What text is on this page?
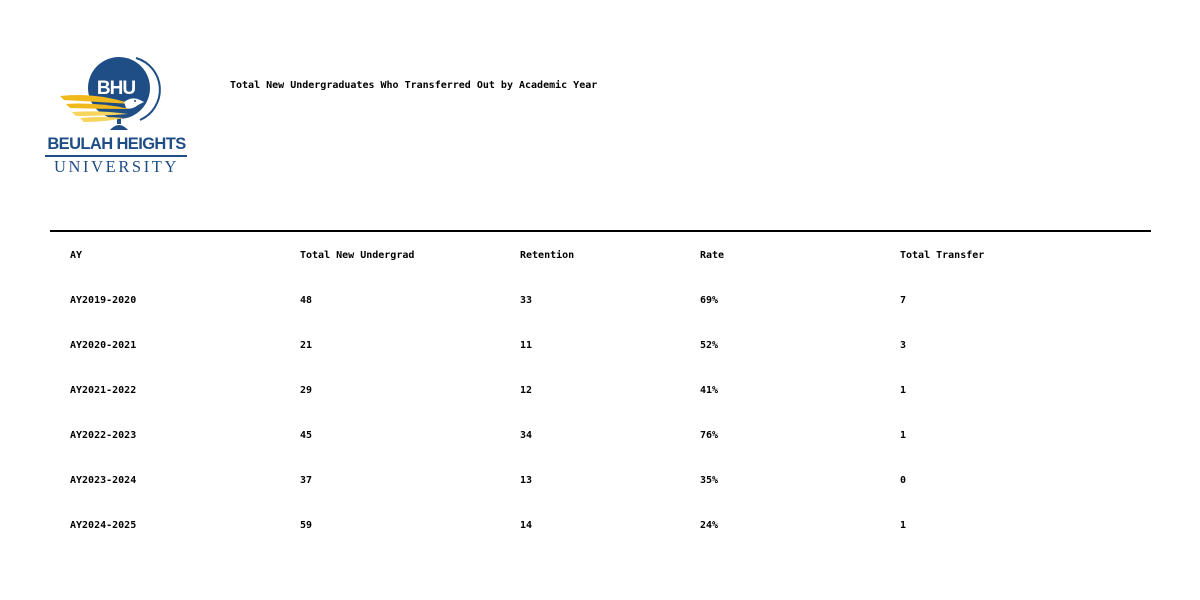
BHU
BEULAH HEIGHTS
UNIVERSITY
Total New Undergraduates Who Transferred Out by Academic Year
AY	Total New Undergrad	Retention	Rate	Total Transfer
AY2019-2020	48	33	69%	7
AY2020-2021	21	11	52%	3
AY2021-2022	29	12	41%	1
AY2022-2023	45	34	76%	1
AY2023-2024	37	13	35%	0
AY2024-2025	59	14	24%	1
